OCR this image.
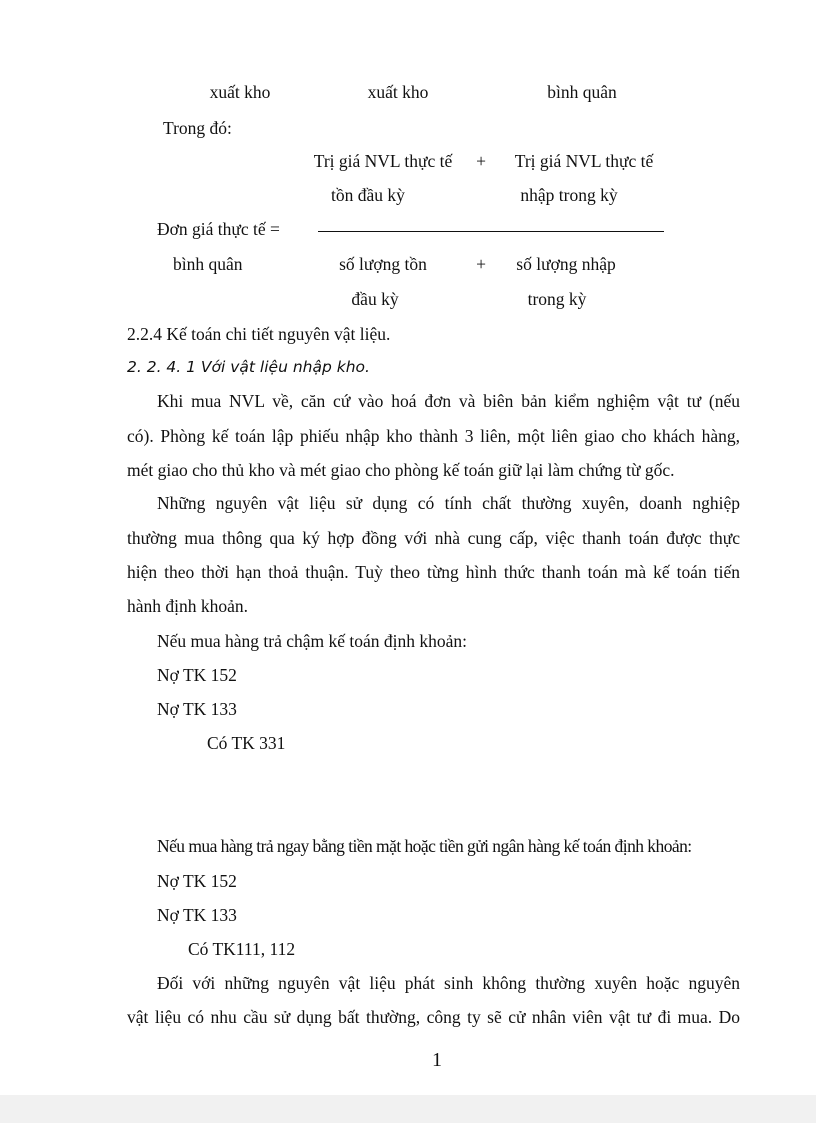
xuất kho	xuất kho	bình quân
Trong đó:
Trị giá NVL thực tế
tồn đầu kỳ
+ Trị giá NVL thực tế
nhập trong kỳ
Đơn giá thực tế =
bình quân	số lượng tồn
đầu kỳ
+ số lượng nhập
trong kỳ
2.2.4 Kế toán chi tiết nguyên vật liệu.
2. 2. 4. 1 Với vật liệu nhập kho.
Khi mua NVL về, căn cứ vào hoá đơn và biên bản kiểm nghiệm vật tư (nếu
có). Phòng kế toán lập phiếu nhập kho thành 3 liên, một liên giao cho khách hàng,
mét giao cho thủ kho và mét giao cho phòng kế toán giữ lại làm chứng từ gốc.
Những nguyên vật liệu sử dụng có tính chất thường xuyên, doanh nghiệp
thường mua thông qua ký hợp đồng với nhà cung cấp, việc thanh toán được thực
hiện theo thời hạn thoả thuận. Tuỳ theo từng hình thức thanh toán mà kế toán tiến
hành định khoản.
Nếu mua hàng trả chậm kế toán định khoản:
Nợ TK 152
Nợ TK 133
Có TK 331
Nếu mua hàng trả ngay bằng tiền mặt hoặc tiền gửi ngân hàng kế toán định khoản:
Nợ TK 152
Nợ TK 133
Có TK111, 112
Đối với những nguyên vật liệu phát sinh không thường xuyên hoặc nguyên
vật liệu có nhu cầu sử dụng bất thường, công ty sẽ cử nhân viên vật tư đi mua. Do
1
